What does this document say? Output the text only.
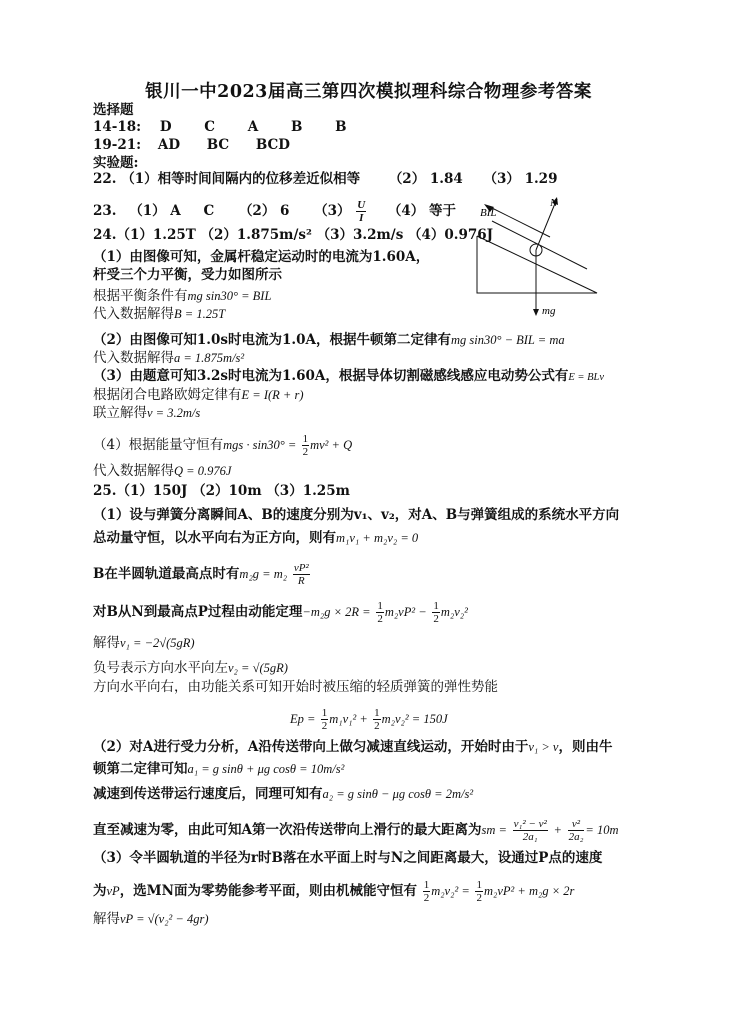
银川一中2023届高三第四次模拟理科综合物理参考答案
选择题
14-18: D C A B B
19-21: AD BC BCD
实验题:
22. （1）相等时间间隔内的位移差近似相等 （2） 1.84 （3） 1.29
23. （1） A C （2） 6 $(3) \frac{U}{I} (4)$ 等于
24.（1）1.25T （2）1.875m/s² （3）3.2m/s （4）0.976J
（1）由图像可知，金属杆稳定运动时的电流为1.60A，
杆受三个力平衡，受力如图所示
根据平衡条件有mg sin30° = BIL
代入数据解得B = 1.25T
（2）由图像可知1.0s时电流为1.0A，根据牛顿第二定律有mg sin30° − BIL = ma
代入数据解得a = 1.875m/s²
（3）由题意可知3.2s时电流为1.60A，根据导体切割磁感线感应电动势公式有E = BLv
根据闭合电路欧姆定律有E = I(R + r)
联立解得v = 3.2m/s
（4）根据能量守恒有mgs · $\sin 30^\circ = \frac{1}{2} mv^2 + Q$
代入数据解得Q = 0.976J
BIL
N
mg
25.（1）150J （2）10m （3）1.25m
（1）设与弹簧分离瞬间A、B的速度分别为v₁、v₂，对A、B与弹簧组成的系统水平方向
总动量守恒，以水平向右为正方向，则有m₁v₁ + m₂v₂ = 0
B在半圆轨道最高点时有$m_2g = m_2 \frac{\text{vP²}}{R}$
对B从N到最高点P过程由动能定理$-m_2g \times 2R = \frac{1}{2} m_2vP^2 - \frac{1}{2} m_2v_2^2$
解得v₁ = −2√(5gR)
负号表示方向水平向左v₂ = √(5gR)
方向水平向右，由功能关系可知开始时被压缩的轻质弹簧的弹性势能
$Ep = \frac{1}{2} m_1v_1^2 + \frac{1}{2} m_2v_2^2 = 150J$
（2）对A进行受力分析，A沿传送带向上做匀减速直线运动，开始时由于v₁ > v，则由牛
顿第二定律可知a₁ = g sinθ + μg cosθ = 10m/s²
减速到传送带运行速度后，同理可知有a₂ = g sinθ − μg cosθ = 2m/s²
直至减速为零，由此可知A第一次沿传送带向上滑行的最大距离为sm = $\frac{\text{v₁² − v²}}{\text{2a₁}} + \frac{\text{v²}}{\text{2a₂}} = 10m$
（3）令半圆轨道的半径为r时B落在水平面上时与N之间距离最大，设通过P点的速度
为vP，选MN面为零势能参考平面，则由机械能守恒有 $\frac{1}{2} m_2v_2^2 = \frac{1}{2} m_2vP^2 + m_2g \times 2r$
解得vP = √(v₂² − 4gr)
